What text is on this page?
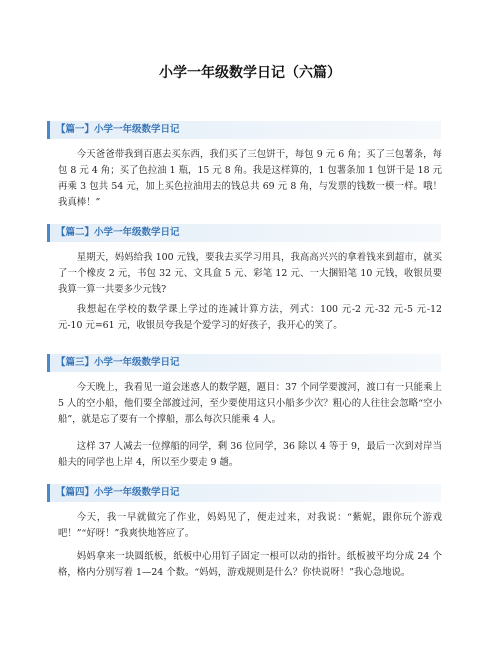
小学一年级数学日记（六篇）
【篇一】小学一年级数学日记

今天爸爸带我到百惠去买东西，我们买了三包饼干，每包 9 元 6 角；买了三包薯条，每包 8 元 4 角；买了色拉油 1 瓶，15 元 8 角。我是这样算的，1 包薯条加 1 包饼干是 18 元再乘 3 包共 54 元，加上买色拉油用去的钱总共 69 元 8 角，与发票的钱数一模一样。哦！我真棒！”

【篇二】小学一年级数学日记

星期天，妈妈给我 100 元钱，要我去买学习用具，我高高兴兴的拿着钱来到超市，就买了一个橡皮 2 元，书包 32 元、文具盒 5 元、彩笔 12 元、一大捆铅笔 10 元钱，收银员要我算一算一共要多少元钱?

我想起在学校的数学课上学过的连减计算方法，列式：100 元-2 元-32 元-5 元-12 元-10 元=61 元，收银员夸我是个爱学习的好孩子，我开心的笑了。

【篇三】小学一年级数学日记

今天晚上，我看见一道会迷惑人的数学题，题目：37 个同学要渡河，渡口有一只能乘上 5 人的空小船，他们要全部渡过河，至少要使用这只小船多少次？粗心的人往往会忽略“空小船”，就是忘了要有一个撑船，那么每次只能乘 4 人。

这样 37 人减去一位撑船的同学，剩 36 位同学，36 除以 4 等于 9，最后一次到对岸当船夫的同学也上岸 4，所以至少要走 9 趟。

【篇四】小学一年级数学日记

今天，我一早就做完了作业，妈妈见了，便走过来，对我说：“紫妮，跟你玩个游戏吧！”“好呀！”我爽快地答应了。

妈妈拿来一块圆纸板，纸板中心用钉子固定一根可以动的指针。纸板被平均分成 24 个格，格内分别写着 1—24 个数。“妈妈，游戏规则是什么？你快说呀！”我心急地说。
